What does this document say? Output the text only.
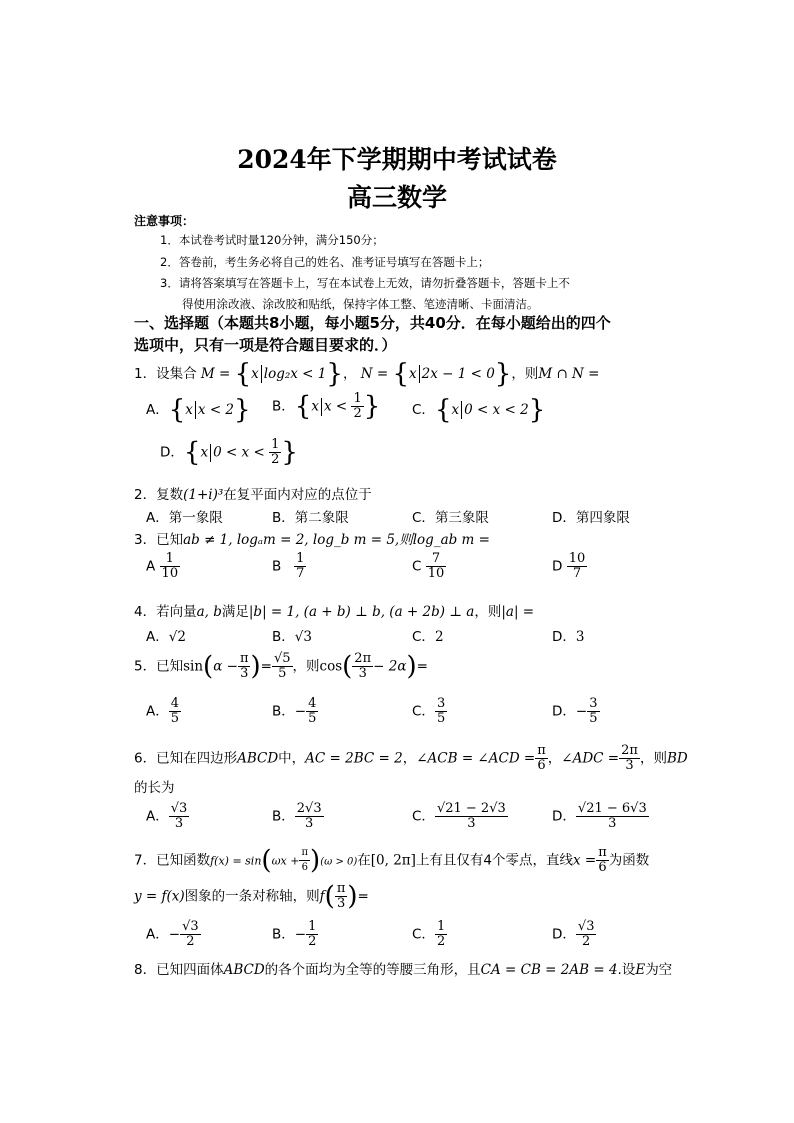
2024年下学期期中考试试卷
高三数学
注意事项：
1．本试卷考试时量120分钟，满分150分；
2．答卷前，考生务必将自己的姓名、准考证号填写在答题卡上；
3．请将答案填写在答题卡上，写在本试卷上无效，请勿折叠答题卡，答题卡上不
得使用涂改液、涂改胶和贴纸，保持字体工整、笔迹清晰、卡面清洁。
一、选择题（本题共8小题，每小题5分，共40分．在每小题给出的四个
选项中，只有一项是符合题目要求的．）
1．设集合 M = {x log₂x < 1}， N = {x 2x − 1 < 0}，则M ∩ N =
A．{x x < 2} B．{x $x < \frac{1}{2}$ } C．{x 0 < x < 2}
D．{x $0 < x < \frac{1}{2}$ }
2．复数(1+i)³在复平面内对应的点位于
A．第一象限	B．第二象限	C．第三象限	D．第四象限
3．已知ab ≠ 1, logₐm = 2, log_b m = 5,则log_ab m =
A $\frac{1}{10}$	B $\frac{1}{7}$	C $\frac{7}{10}$	D $\frac{10}{7}$
4．若向量a, b满足|b| = 1, (a + b) ⊥ b, (a + 2b) ⊥ a，则|a| =
A．√2	B．√3	C．2	D．3
5．已知$\sin(\alpha - \frac{\pi}{3}$ )= $\frac{√5}{5}$ ，则$\cos( \frac{2\pi}{3} - 2\alpha)=$
A． $\frac{4}{5}$	B．− $\frac{4}{5}$	C． $\frac{3}{5}$	D．− $\frac{3}{5}$
6．已知在四边形ABCD中，AC = 2BC = 2，∠ACB = ∠ACD = $\frac{\pi}{6}$ ，∠ADC = $\frac{2\pi}{3}$ ，则BD
的长为
A． $\frac{√3}{3}$	B． $\frac{2√3}{3}$	C． $\frac{√21 - 2√3}{3}$	D． $\frac{√21 - 6√3}{3}$
7．已知函数$f(x) = \sin(\omega x + \frac{\pi}{6} )(\omega > 0)$在[0, 2π]上有且仅有4个零点，直线$x = \frac{\pi}{6}$ 为函数
y = f(x)图象的一条对称轴，则$f( \frac{\pi}{3}$ )=
A．− $\frac{√3}{2}$	B．− $\frac{1}{2}$	C． $\frac{1}{2}$	D． $\frac{√3}{2}$
8．已知四面体ABCD的各个面均为全等的等腰三角形，且CA = CB = 2AB = 4.设E为空
